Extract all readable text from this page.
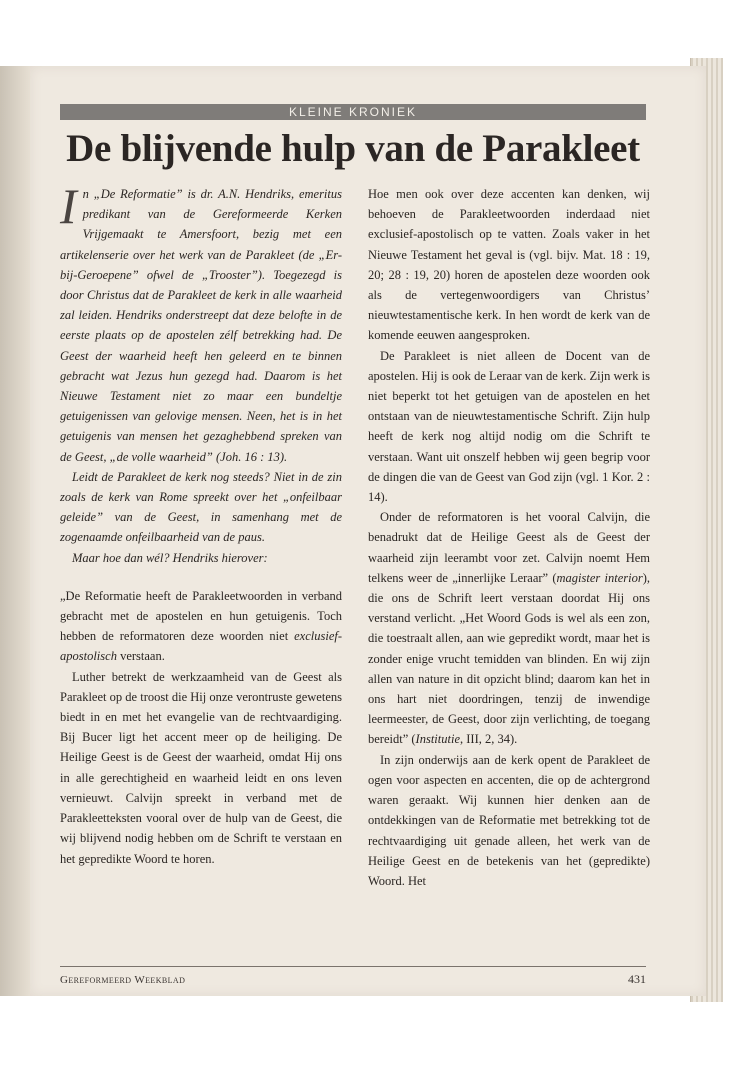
KLEINE KRONIEK
De blijvende hulp van de Parakleet

In „De Reformatie” is dr. A.N. Hendriks, emeritus predikant van de Gereformeerde Kerken Vrijgemaakt te Amersfoort, bezig met een artikelenserie over het werk van de Parakleet (de „Er-bij-Geroepene” ofwel de „Trooster”). Toegezegd is door Christus dat de Parakleet de kerk in alle waarheid zal leiden. Hendriks onderstreept dat deze belofte in de eerste plaats op de apostelen zélf betrekking had. De Geest der waarheid heeft hen geleerd en te binnen gebracht wat Jezus hun gezegd had. Daarom is het Nieuwe Testament niet zo maar een bundeltje getuigenissen van gelovige mensen. Neen, het is in het getuigenis van mensen het gezaghebbend spreken van de Geest, „de volle waarheid” (Joh. 16 : 13).

Leidt de Parakleet de kerk nog steeds? Niet in de zin zoals de kerk van Rome spreekt over het „onfeilbaar geleide” van de Geest, in samenhang met de zogenaamde onfeilbaarheid van de paus.

Maar hoe dan wél? Hendriks hierover:

„De Reformatie heeft de Parakleetwoorden in verband gebracht met de apostelen en hun getuigenis. Toch hebben de reformatoren deze woorden niet exclusief-apostolisch verstaan.

Luther betrekt de werkzaamheid van de Geest als Parakleet op de troost die Hij onze verontruste gewetens biedt in en met het evangelie van de rechtvaardiging. Bij Bucer ligt het accent meer op de heiliging. De Heilige Geest is de Geest der waarheid, omdat Hij ons in alle gerechtigheid en waarheid leidt en ons leven vernieuwt. Calvijn spreekt in verband met de Parakleetteksten vooral over de hulp van de Geest, die wij blijvend nodig hebben om de Schrift te verstaan en het gepredikte Woord te horen.

Hoe men ook over deze accenten kan denken, wij behoeven de Parakleetwoorden inderdaad niet exclusief-apostolisch op te vatten. Zoals vaker in het Nieuwe Testament het geval is (vgl. bijv. Mat. 18 : 19, 20; 28 : 19, 20) horen de apostelen deze woorden ook als de vertegenwoordigers van Christus’ nieuwtestamentische kerk. In hen wordt de kerk van de komende eeuwen aangesproken.

De Parakleet is niet alleen de Docent van de apostelen. Hij is ook de Leraar van de kerk. Zijn werk is niet beperkt tot het getuigen van de apostelen en het ontstaan van de nieuwtestamentische Schrift. Zijn hulp heeft de kerk nog altijd nodig om die Schrift te verstaan. Want uit onszelf hebben wij geen begrip voor de dingen die van de Geest van God zijn (vgl. 1 Kor. 2 : 14).

Onder de reformatoren is het vooral Calvijn, die benadrukt dat de Heilige Geest als de Geest der waarheid zijn leerambt voor zet. Calvijn noemt Hem telkens weer de „innerlijke Leraar” (magister interior), die ons de Schrift leert verstaan doordat Hij ons verstand verlicht. „Het Woord Gods is wel als een zon, die toestraalt allen, aan wie gepredikt wordt, maar het is zonder enige vrucht temidden van blinden. En wij zijn allen van nature in dit opzicht blind; daarom kan het in ons hart niet doordringen, tenzij de inwendige leermeester, de Geest, door zijn verlichting, de toegang bereidt” (Institutie, III, 2, 34).

In zijn onderwijs aan de kerk opent de Parakleet de ogen voor aspecten en accenten, die op de achtergrond waren geraakt. Wij kunnen hier denken aan de ontdekkingen van de Reformatie met betrekking tot de rechtvaardiging uit genade alleen, het werk van de Heilige Geest en de betekenis van het (gepredikte) Woord. Het

Gereformeerd Weekblad	431
